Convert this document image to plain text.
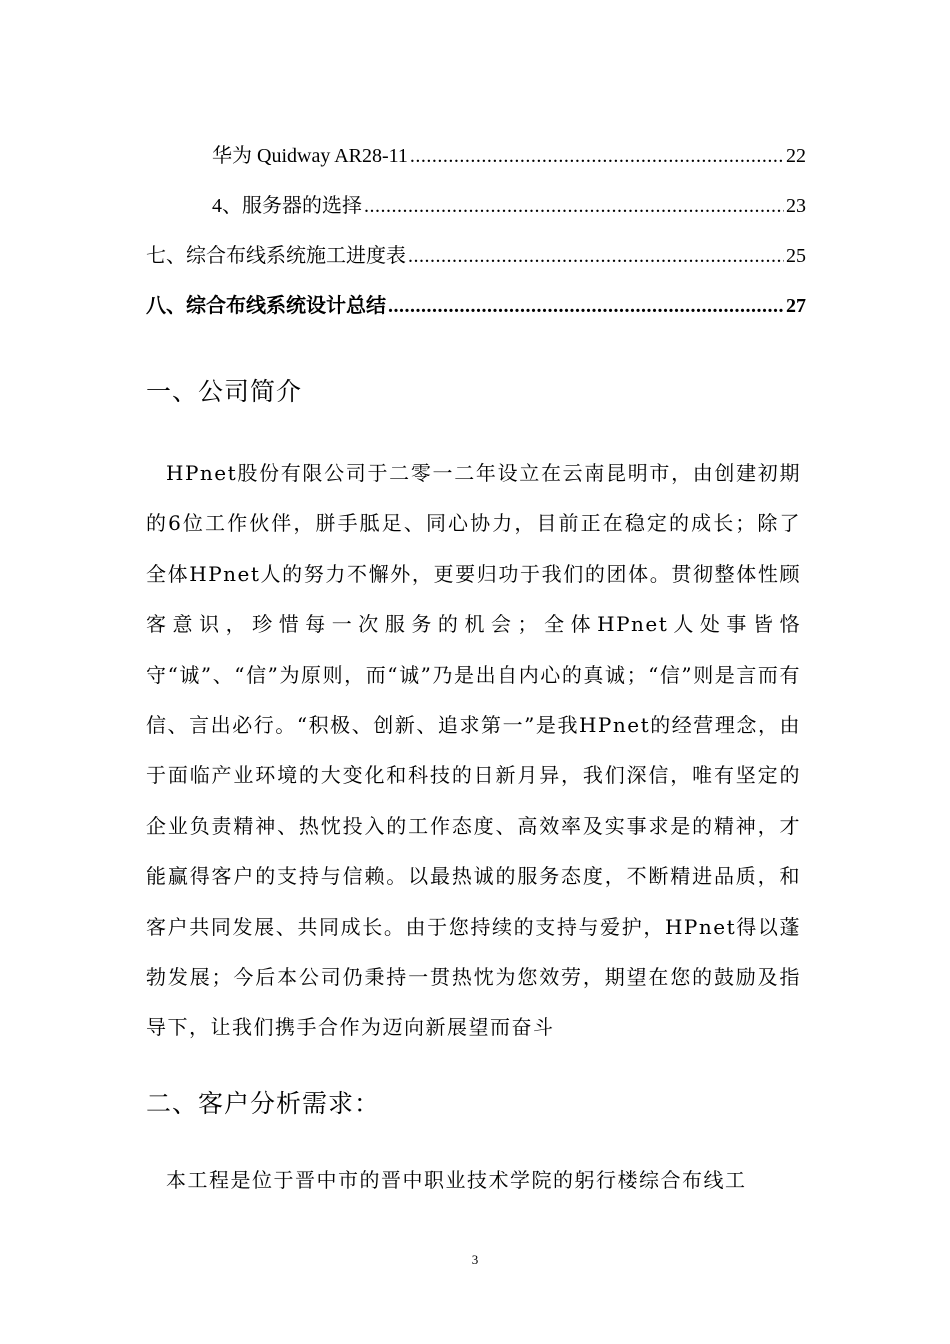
华为 Quidway AR28-11 .....	22
4、服务器的选择 .....	23
七、综合布线系统施工进度表 .....	25
八、综合布线系统设计总结 .....	27
一、公司简介
HPnet股份有限公司于二零一二年设立在云南昆明市，由创建初期的6位工作伙伴，胼手胝足、同心协力，目前正在稳定的成长；除了全体HPnet人的努力不懈外，更要归功于我们的团体。贯彻整体性顾客意识，珍惜每一次服务的机会；全体HPnet人处事皆恪守“诚”、“信”为原则，而“诚”乃是出自内心的真诚；“信”则是言而有信、言出必行。“积极、创新、追求第一”是我HPnet的经营理念，由于面临产业环境的大变化和科技的日新月异，我们深信，唯有坚定的企业负责精神、热忱投入的工作态度、高效率及实事求是的精神，才能赢得客户的支持与信赖。以最热诚的服务态度，不断精进品质，和客户共同发展、共同成长。由于您持续的支持与爱护，HPnet得以蓬勃发展；今后本公司仍秉持一贯热忱为您效劳，期望在您的鼓励及指导下，让我们携手合作为迈向新展望而奋斗
二、客户分析需求：
本工程是位于晋中市的晋中职业技术学院的躬行楼综合布线工
3
